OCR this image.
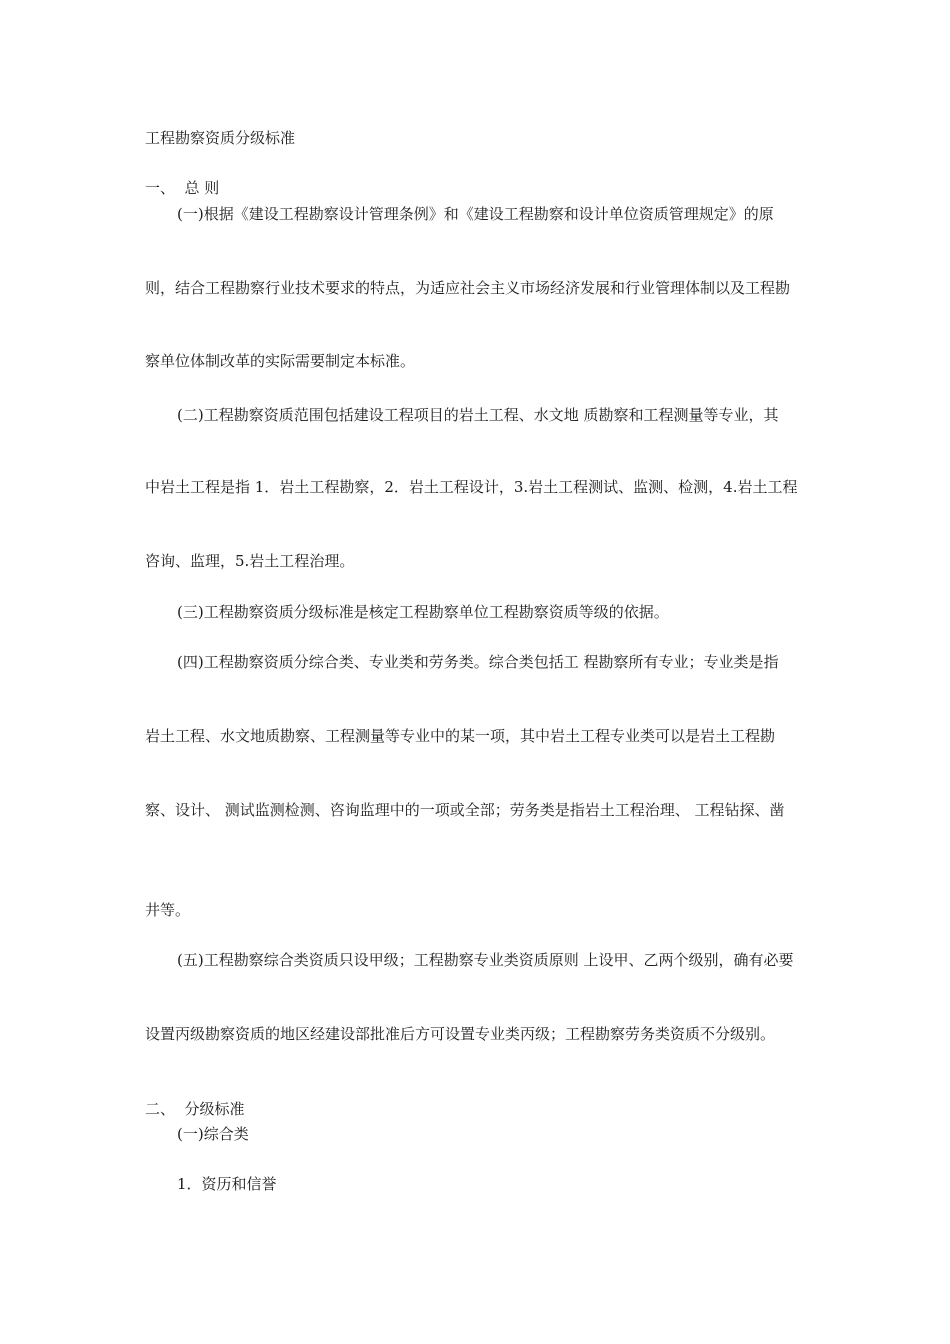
工程勘察资质分级标准
一、  总 则
(一)根据《建设工程勘察设计管理条例》和《建设工程勘察和设计单位资质管理规定》的原
则，结合工程勘察行业技术要求的特点，为适应社会主义市场经济发展和行业管理体制以及工程勘
察单位体制改革的实际需要制定本标准。
(二)工程勘察资质范围包括建设工程项目的岩土工程、水文地 质勘察和工程测量等专业，其
中岩土工程是指 1．岩土工程勘察，2．岩土工程设计，3.岩土工程测试、监测、检测，4.岩土工程
咨询、监理，5.岩土工程治理。
(三)工程勘察资质分级标准是核定工程勘察单位工程勘察资质等级的依据。
(四)工程勘察资质分综合类、专业类和劳务类。综合类包括工 程勘察所有专业；专业类是指
岩土工程、水文地质勘察、工程测量等专业中的某一项，其中岩土工程专业类可以是岩土工程勘
察、设计、 测试监测检测、咨询监理中的一项或全部；劳务类是指岩土工程治理、 工程钻探、凿
井等。
(五)工程勘察综合类资质只设甲级；工程勘察专业类资质原则 上设甲、乙两个级别，确有必要
设置丙级勘察资质的地区经建设部批准后方可设置专业类丙级；工程勘察劳务类资质不分级别。
二、  分级标准
(一)综合类
1．资历和信誉
